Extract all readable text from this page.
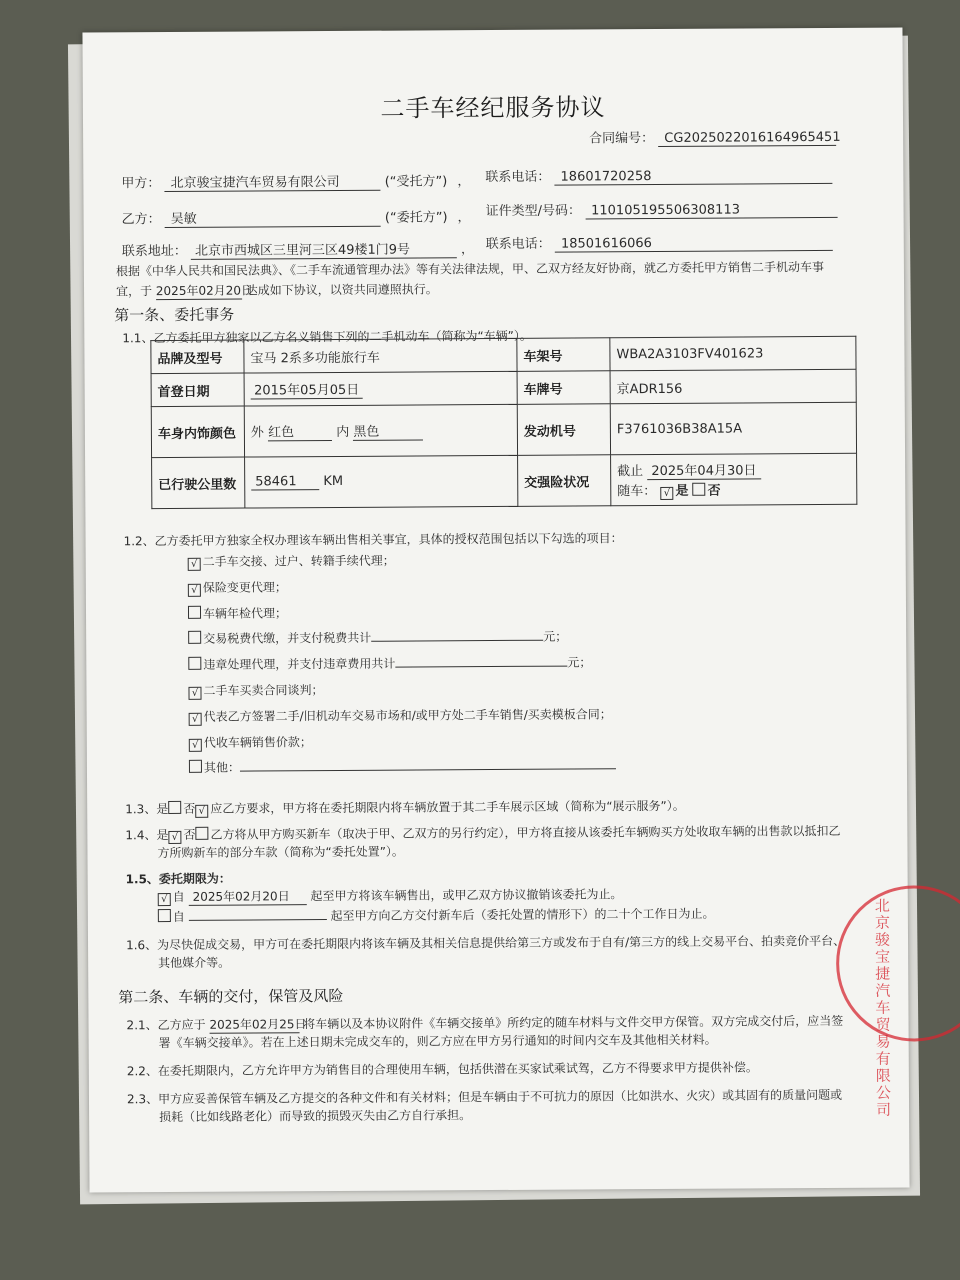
二手车经纪服务协议
合同编号： CG20250220161649654​51
甲方： 北京骏宝捷汽车贸易有限公司	(“受托方”) ， 联系电话： 18601720258
乙方： 吴敏	(“委托方”) ， 证件类型/号码： 110105195506308113
联系地址： 北京市西城区三里河三区49楼1门9号	， 联系电话： 18501616066
根据《中华人民共和国民法典》、《二手车流通管理办法》等有关法律法规，甲、乙双方经友好协商，就乙方委托甲方销售二手机动车事
宜，于 2025年02月20日 达成如下协议，以资共同遵照执行。
第一条、委托事务
1.1、乙方委托甲方独家以乙方名义销售下列的二手机动车（简称为“车辆”）。
品牌及型号	宝马 2系多功能旅行车	车架号	WBA2A3103FV401623
首登日期	2015年05月05日	车牌号	京ADR156
车身内饰颜色	外 红色 内 黑色	发动机号	F3761036B38A15A
已行驶公里数	58461 KM	交强险状况	截止 2025年04月30日
随车： √ 是 否
1.2、乙方委托甲方独家全权办理该车辆出售相关事宜，具体的授权范围包括以下勾选的项目：
√ 二手车交接、过户、转籍手续代理；
√ 保险变更代理；
车辆年检代理；
交易税费代缴，并支付税费共计	元；
违章处理代理，并支付违章费用共计	元；
√ 二手车买卖合同谈判；
√ 代表乙方签署二手/旧机动车交易市场和/或甲方处二手车销售/买卖模板合同；
√ 代收车辆销售价款；
其他：
1.3、是 否 √ 应乙方要求，甲方将在委托期限内将车辆放置于其二手车展示区域（简称为“展示服务”）。
1.4、是 √ 否 乙方将从甲方购买新车（取决于甲、乙双方的另行约定），甲方将直接从该委托车辆购买方处收取车辆的出售款以抵扣乙
方所购新车的部分车款（简称为“委托处置”）。
1.5、委托期限为：
√ 自 2025年02月20日 起至甲方将该车辆售出，或甲乙双方协议撤销该委托为止。
自	起至甲方向乙方交付新车后（委托处置的情形下）的二十个工作日为止。
1.6、为尽快促成交易，甲方可在委托期限内将该车辆及其相关信息提供给第三方或发布于自有/第三方的线上交易平台、拍卖竞价平台、
其他媒介等。
第二条、车辆的交付，保管及风险
2.1、乙方应于 2025年02月25日 将车辆以及本协议附件《车辆交接单》所约定的随车材料与文件交甲方保管。双方完成交付后，应当签
署《车辆交接单》。若在上述日期未完成交车的，则乙方应在甲方另行通知的时间内交车及其他相关材料。
2.2、在委托期限内，乙方允许甲方为销售目的合理使用车辆，包括供潜在买家试乘试驾，乙方不得要求甲方提供补偿。
2.3、甲方应妥善保管车辆及乙方提交的各种文件和有关材料；但是车辆由于不可抗力的原因（比如洪水、火灾）或其固有的质量问题或
损耗（比如线路老化）而导致的损毁灭失由乙方自行承担。	北京骏宝捷汽车贸易有限公司
